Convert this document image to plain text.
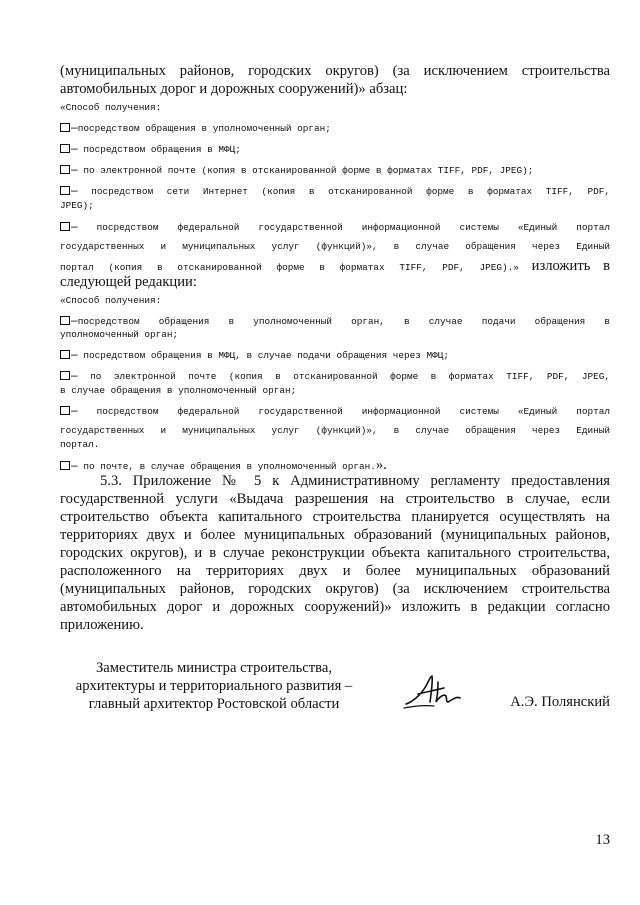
(муниципальных районов, городских округов) (за исключением строительства
автомобильных дорог и дорожных сооружений)» абзац:
«Способ получения:
–посредством обращения в уполномоченный орган;
– посредством обращения в МФЦ;
– по электронной почте (копия в отсканированной форме в форматах TIFF, PDF, JPEG);
– посредством сети Интернет (копия в отсканированной форме в форматах TIFF, PDF,
JPEG);
– посредством федеральной государственной информационной системы «Единый портал
государственных и муниципальных услуг (функций)», в случае обращения через Единый
портал (копия в отсканированной форме в форматах TIFF, PDF, JPEG).» изложить в
следующей редакции:
«Способ получения:
–посредством обращения в уполномоченный орган, в случае подачи обращения в
уполномоченный орган;
– посредством обращения в МФЦ, в случае подачи обращения через МФЦ;
– по электронной почте (копия в отсканированной форме в форматах TIFF, PDF, JPEG,
в случае обращения в уполномоченный орган;
– посредством федеральной государственной информационной системы «Единый портал
государственных и муниципальных услуг (функций)», в случае обращения через Единый
портал.
– по почте, в случае обращения в уполномоченный орган.».
5.3. Приложение № 5 к Административному регламенту предоставления государственной услуги «Выдача разрешения на строительство в случае, если строительство объекта капитального строительства планируется осуществлять на территориях двух и более муниципальных образований (муниципальных районов, городских округов), и в случае реконструкции объекта капитального строительства, расположенного на территориях двух и более муниципальных образований (муниципальных районов, городских округов) (за исключением строительства автомобильных дорог и дорожных сооружений)» изложить в редакции согласно приложению.
Заместитель министра строительства,
архитектуры и территориального развития –
главный архитектор Ростовской области	А.Э. Полянский
13
